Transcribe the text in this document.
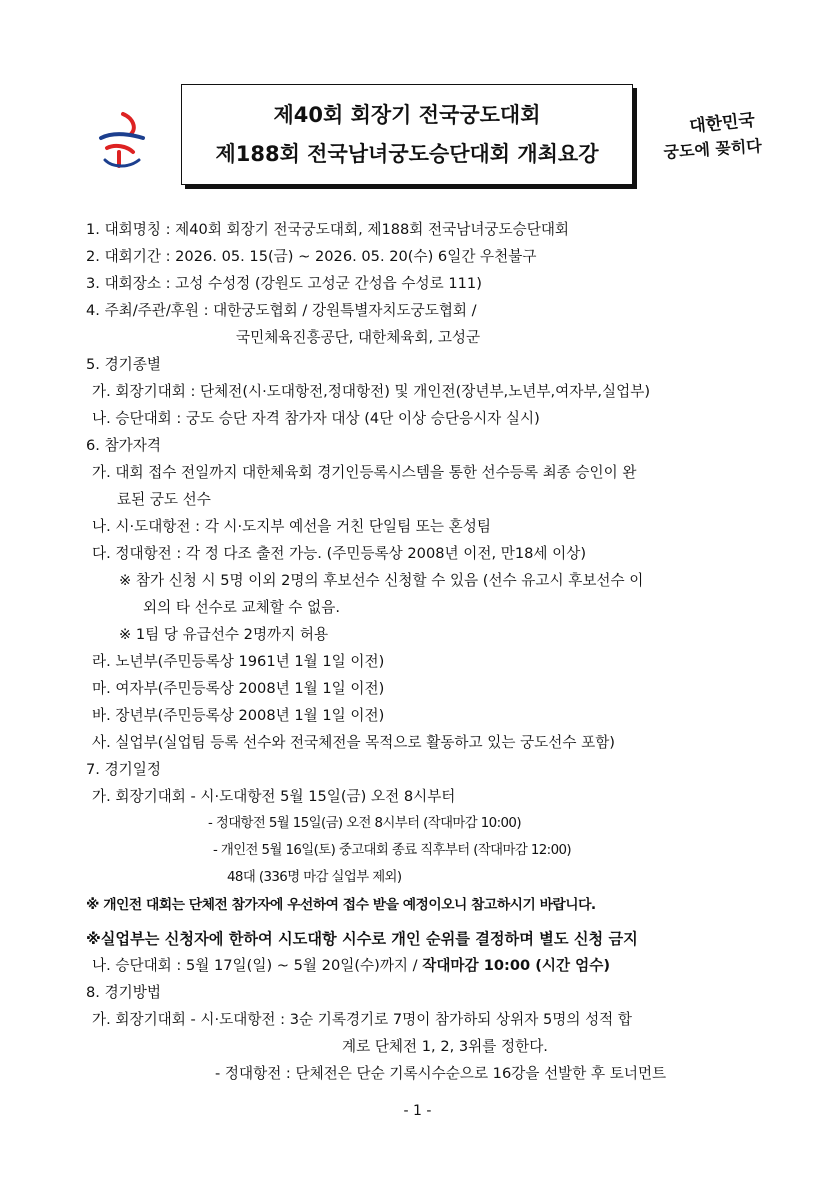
제40회 회장기 전국궁도대회
제188회 전국남녀궁도승단대회 개최요강
활
대한민국
궁도에 꽂히다
1. 대회명칭 : 제40회 회장기 전국궁도대회, 제188회 전국남녀궁도승단대회
2. 대회기간 : 2026. 05. 15(금) ~ 2026. 05. 20(수) 6일간 우천불구
3. 대회장소 : 고성 수성정 (강원도 고성군 간성읍 수성로 111)
4. 주최/주관/후원 : 대한궁도협회 / 강원특별자치도궁도협회 /
국민체육진흥공단, 대한체육회, 고성군
5. 경기종별
가. 회장기대회 : 단체전(시·도대항전,정대항전) 및 개인전(장년부,노년부,여자부,실업부)
나. 승단대회 : 궁도 승단 자격 참가자 대상 (4단 이상 승단응시자 실시)
6. 참가자격
가. 대회 접수 전일까지 대한체육회 경기인등록시스템을 통한 선수등록 최종 승인이 완
료된 궁도 선수
나. 시·도대항전 : 각 시·도지부 예선을 거친 단일팀 또는 혼성팀
다. 정대항전 : 각 정 다조 출전 가능. (주민등록상 2008년 이전, 만18세 이상)
※ 참가 신청 시 5명 이외 2명의 후보선수 신청할 수 있음 (선수 유고시 후보선수 이
외의 타 선수로 교체할 수 없음.
※ 1팀 당 유급선수 2명까지 허용
라. 노년부(주민등록상 1961년 1월 1일 이전)
마. 여자부(주민등록상 2008년 1월 1일 이전)
바. 장년부(주민등록상 2008년 1월 1일 이전)
사. 실업부(실업팀 등록 선수와 전국체전을 목적으로 활동하고 있는 궁도선수 포함)
7. 경기일정
가. 회장기대회 - 시·도대항전 5월 15일(금) 오전 8시부터
- 정대항전 5월 15일(금) 오전 8시부터 (작대마감 10:00)
- 개인전 5월 16일(토) 중고대회 종료 직후부터 (작대마감 12:00)
48대 (336명 마감 실업부 제외)
※ 개인전 대회는 단체전 참가자에 우선하여 접수 받을 예정이오니 참고하시기 바랍니다.
※실업부는 신청자에 한하여 시도대항 시수로 개인 순위를 결정하며 별도 신청 금지
나. 승단대회 : 5월 17일(일) ~ 5월 20일(수)까지 / 작대마감 10:00 (시간 엄수)
8. 경기방법
가. 회장기대회 - 시·도대항전 : 3순 기록경기로 7명이 참가하되 상위자 5명의 성적 합
계로 단체전 1, 2, 3위를 정한다.
- 정대항전 : 단체전은 단순 기록시수순으로 16강을 선발한 후 토너먼트
- 1 -
